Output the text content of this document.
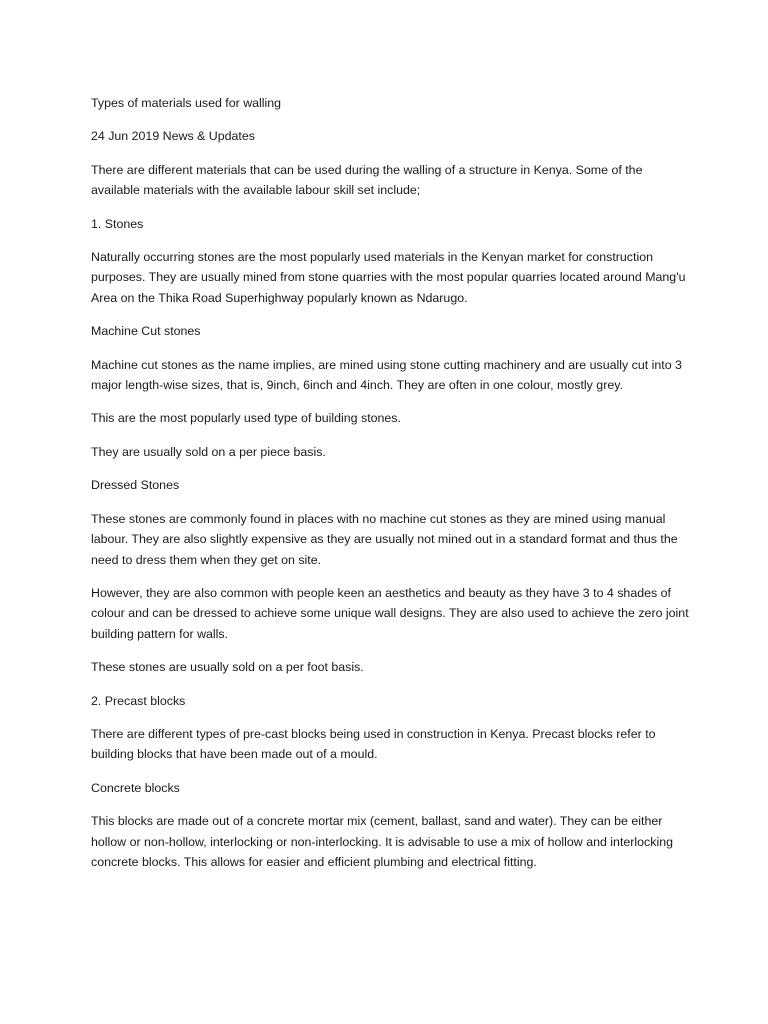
Types of materials used for walling

24 Jun 2019 News & Updates

There are different materials that can be used during the walling of a structure in Kenya. Some of the available materials with the available labour skill set include;

1. Stones

Naturally occurring stones are the most popularly used materials in the Kenyan market for construction purposes. They are usually mined from stone quarries with the most popular quarries located around Mang'u Area on the Thika Road Superhighway popularly known as Ndarugo.

Machine Cut stones

Machine cut stones as the name implies, are mined using stone cutting machinery and are usually cut into 3 major length-wise sizes, that is, 9inch, 6inch and 4inch. They are often in one colour, mostly grey.

This are the most popularly used type of building stones.

They are usually sold on a per piece basis.

Dressed Stones

These stones are commonly found in places with no machine cut stones as they are mined using manual labour. They are also slightly expensive as they are usually not mined out in a standard format and thus the need to dress them when they get on site.

However, they are also common with people keen an aesthetics and beauty as they have 3 to 4 shades of colour and can be dressed to achieve some unique wall designs. They are also used to achieve the zero joint building pattern for walls.

These stones are usually sold on a per foot basis.

2. Precast blocks

There are different types of pre-cast blocks being used in construction in Kenya. Precast blocks refer to building blocks that have been made out of a mould.

Concrete blocks

This blocks are made out of a concrete mortar mix (cement, ballast, sand and water). They can be either hollow or non-hollow, interlocking or non-interlocking. It is advisable to use a mix of hollow and interlocking concrete blocks. This allows for easier and efficient plumbing and electrical fitting.
